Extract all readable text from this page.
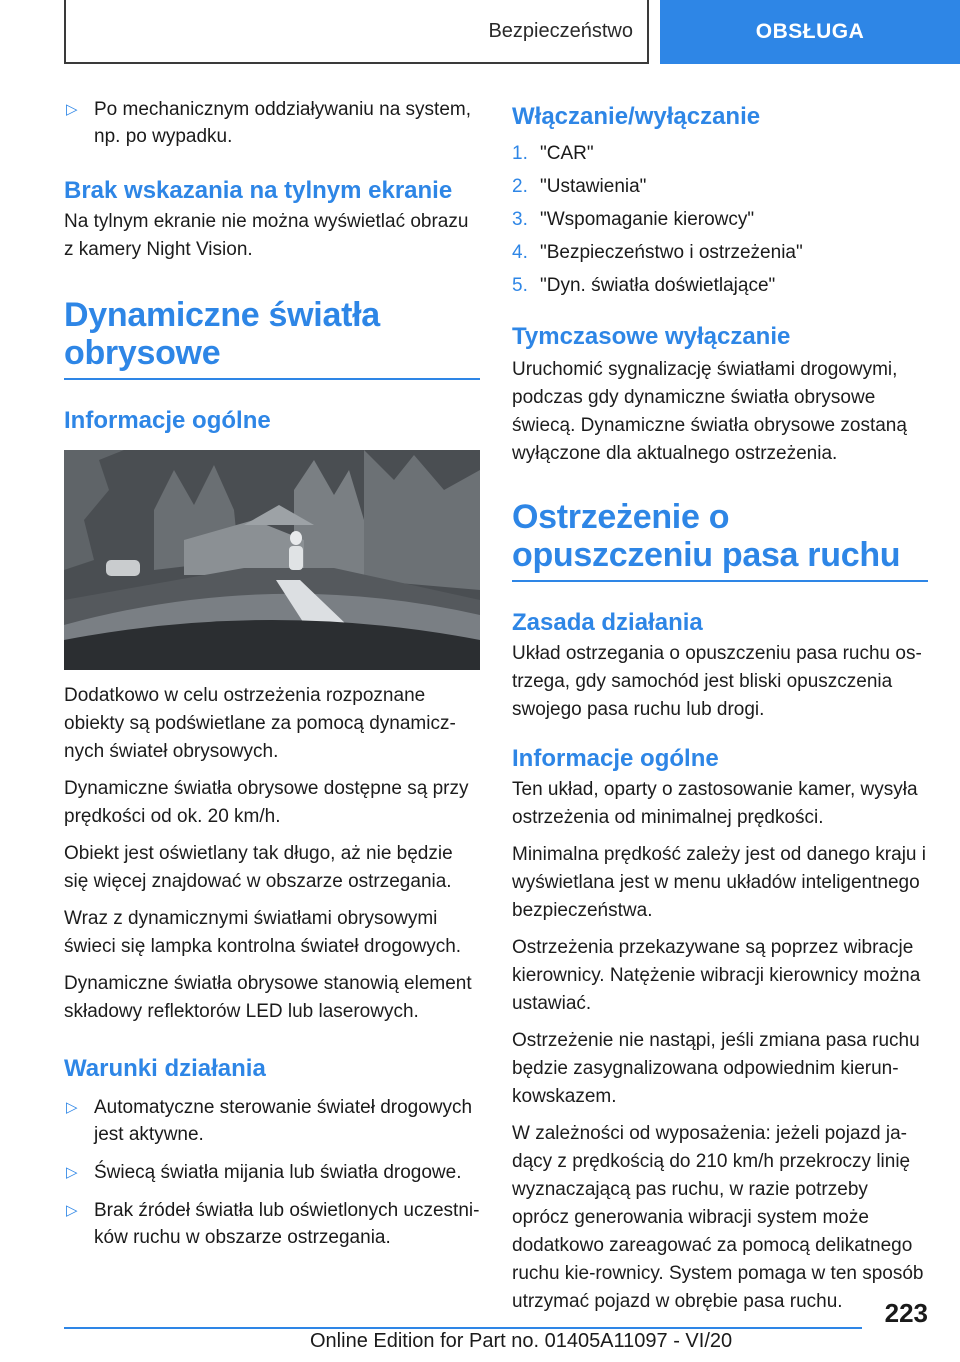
Bezpieczeństwo	OBSŁUGA
▷ Po mechanicznym oddziaływaniu na system, np. po wypadku.
Brak wskazania na tylnym ekranie

Na tylnym ekranie nie można wyświetlać obrazu z kamery Night Vision.

Dynamiczne światła obrysowe
Informacje ogólne

Dodatkowo w celu ostrzeżenia rozpoznane obiekty są podświetlane za pomocą dynamicz‐nych świateł obrysowych.

Dynamiczne światła obrysowe dostępne są przy prędkości od ok. 20 km/h.

Obiekt jest oświetlany tak długo, aż nie będzie się więcej znajdować w obszarze ostrzegania.

Wraz z dynamicznymi światłami obrysowymi świeci się lampka kontrolna świateł drogowych.

Dynamiczne światła obrysowe stanowią element składowy reflektorów LED lub laserowych.

Warunki działania
▷ Automatyczne sterowanie świateł drogowych jest aktywne.
▷ Świecą światła mijania lub światła drogowe.
▷ Brak źródeł światła lub oświetlonych uczestni‐ków ruchu w obszarze ostrzegania.
Włączanie/wyłączanie
1. "CAR"
2. "Ustawienia"
3. "Wspomaganie kierowcy"
4. "Bezpieczeństwo i ostrzeżenia"
5. "Dyn. światła doświetlające"
Tymczasowe wyłączanie

Uruchomić sygnalizację światłami drogowymi, podczas gdy dynamiczne światła obrysowe świecą. Dynamiczne światła obrysowe zostaną wyłączone dla aktualnego ostrzeżenia.

Ostrzeżenie o opuszczeniu pasa ruchu
Zasada działania

Układ ostrzegania o opuszczeniu pasa ruchu os‐trzega, gdy samochód jest bliski opuszczenia swojego pasa ruchu lub drogi.

Informacje ogólne

Ten układ, oparty o zastosowanie kamer, wysyła ostrzeżenia od minimalnej prędkości.

Minimalna prędkość zależy jest od danego kraju i wyświetlana jest w menu układów inteligentnego bezpieczeństwa.

Ostrzeżenia przekazywane są poprzez wibracje kierownicy. Natężenie wibracji kierownicy można ustawiać.

Ostrzeżenie nie nastąpi, jeśli zmiana pasa ruchu będzie zasygnalizowana odpowiednim kierun‐kowskazem.

W zależności od wyposażenia: jeżeli pojazd ja‐dący z prędkością do 210 km/h przekroczy linię wyznaczającą pas ruchu, w razie potrzeby oprócz generowania wibracji system może dodatkowo zareagować za pomocą delikatnego ruchu kie‐rownicy. System pomaga w ten sposób utrzymać pojazd w obrębie pasa ruchu.	223
Online Edition for Part no. 01405A11097 - VI/20
